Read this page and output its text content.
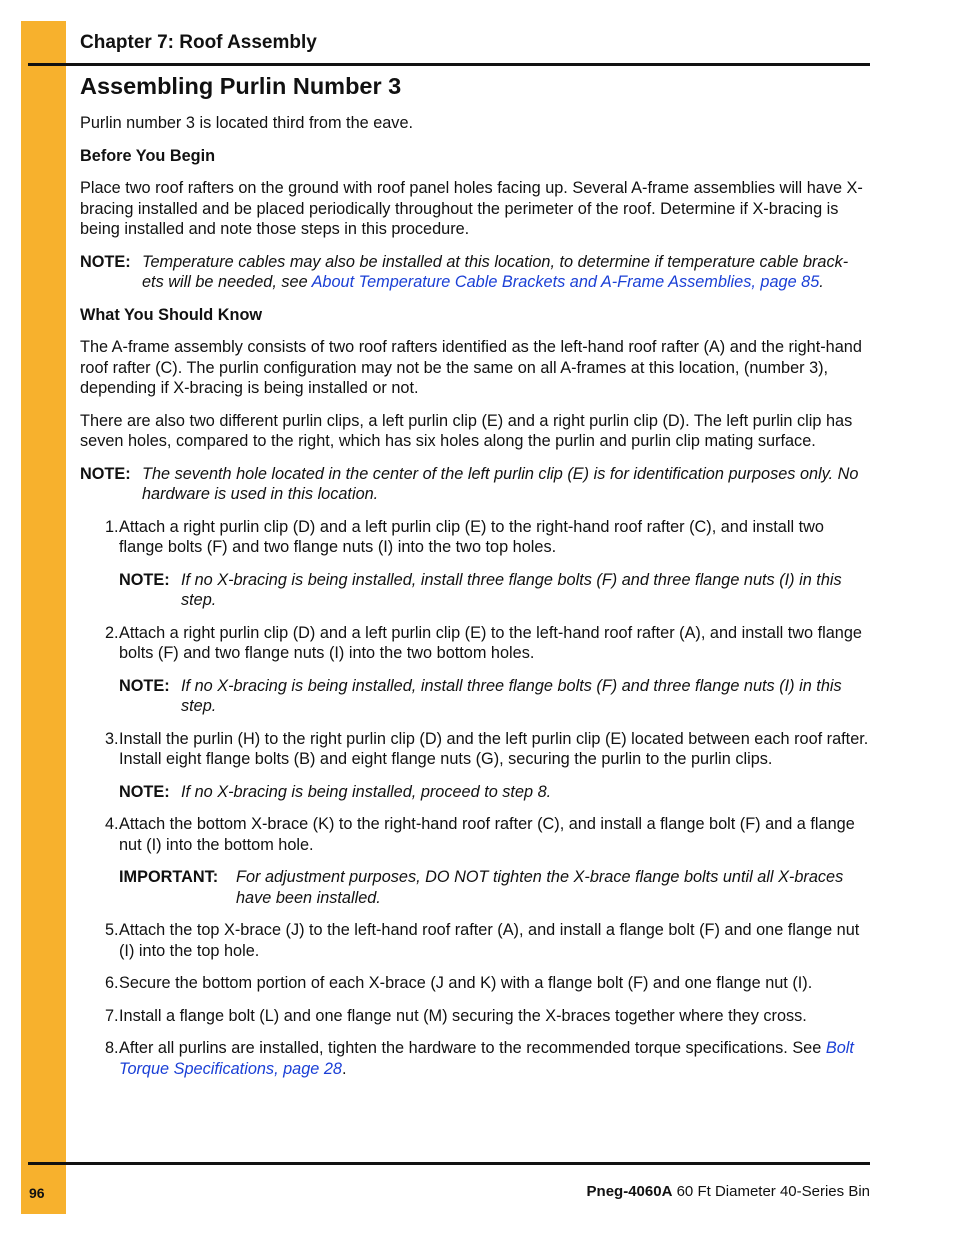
Chapter 7: Roof Assembly
Assembling Purlin Number 3

Purlin number 3 is located third from the eave.

Before You Begin

Place two roof rafters on the ground with roof panel holes facing up. Several A-frame assemblies will have X-bracing installed and be placed periodically throughout the perimeter of the roof. Determine if X-bracing is being installed and note those steps in this procedure.

NOTE: Temperature cables may also be installed at this location, to determine if temperature cable brack- ets will be needed, see About Temperature Cable Brackets and A-Frame Assemblies, page 85.
What You Should Know

The A-frame assembly consists of two roof rafters identified as the left-hand roof rafter (A) and the right-hand roof rafter (C). The purlin configuration may not be the same on all A-frames at this location, (number 3), depending if X-bracing is being installed or not.

There are also two different purlin clips, a left purlin clip (E) and a right purlin clip (D). The left purlin clip has seven holes, compared to the right, which has six holes along the purlin and purlin clip mating surface.

NOTE: The seventh hole located in the center of the left purlin clip (E) is for identification purposes only. No hardware is used in this location.
1. Attach a right purlin clip (D) and a left purlin clip (E) to the right-hand roof rafter (C), and install two flange bolts (F) and two flange nuts (I) into the two top holes.
NOTE: If no X-bracing is being installed, install three flange bolts (F) and three flange nuts (I) in this step.
2. Attach a right purlin clip (D) and a left purlin clip (E) to the left-hand roof rafter (A), and install two flange bolts (F) and two flange nuts (I) into the two bottom holes.
NOTE: If no X-bracing is being installed, install three flange bolts (F) and three flange nuts (I) in this step.
3. Install the purlin (H) to the right purlin clip (D) and the left purlin clip (E) located between each roof rafter. Install eight flange bolts (B) and eight flange nuts (G), securing the purlin to the purlin clips.
NOTE: If no X-bracing is being installed, proceed to step 8.
4. Attach the bottom X-brace (K) to the right-hand roof rafter (C), and install a flange bolt (F) and a flange nut (I) into the bottom hole.
IMPORTANT:	For adjustment purposes, DO NOT tighten the X-brace flange bolts until all X-braces have been installed.
5. Attach the top X-brace (J) to the left-hand roof rafter (A), and install a flange bolt (F) and one flange nut (I) into the top hole.
6. Secure the bottom portion of each X-brace (J and K) with a flange bolt (F) and one flange nut (I).
7. Install a flange bolt (L) and one flange nut (M) securing the X-braces together where they cross.
8. After all purlins are installed, tighten the hardware to the recommended torque specifications. See Bolt Torque Specifications, page 28.
96	Pneg-4060A 60 Ft Diameter 40-Series Bin
